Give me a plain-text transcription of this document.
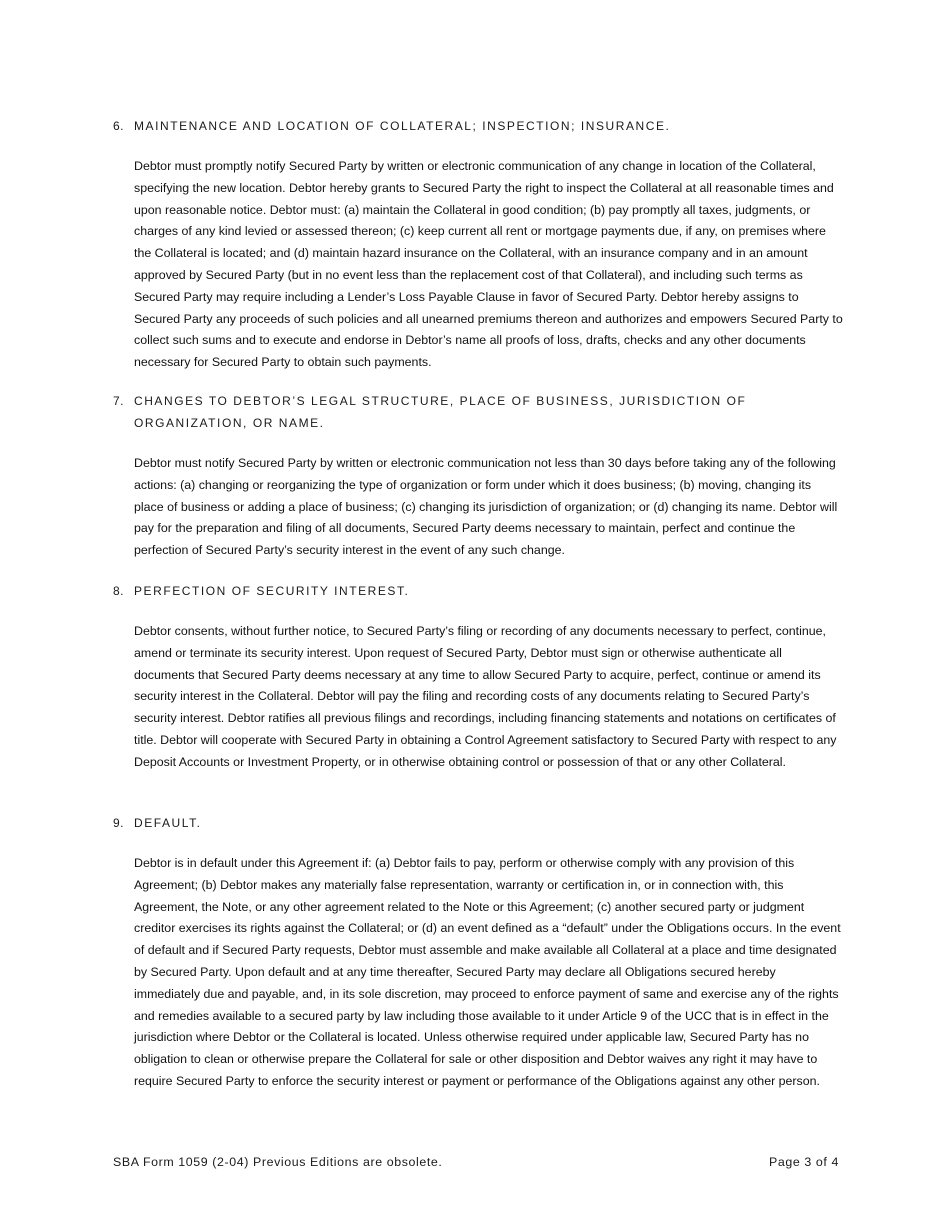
6. MAINTENANCE AND LOCATION OF COLLATERAL; INSPECTION; INSURANCE.
Debtor must promptly notify Secured Party by written or electronic communication of any change in location of the Collateral, specifying the new location. Debtor hereby grants to Secured Party the right to inspect the Collateral at all reasonable times and upon reasonable notice. Debtor must: (a) maintain the Collateral in good condition; (b) pay promptly all taxes, judgments, or charges of any kind levied or assessed thereon; (c) keep current all rent or mortgage payments due, if any, on premises where the Collateral is located; and (d) maintain hazard insurance on the Collateral, with an insurance company and in an amount approved by Secured Party (but in no event less than the replacement cost of that Collateral), and including such terms as Secured Party may require including a Lender’s Loss Payable Clause in favor of Secured Party. Debtor hereby assigns to Secured Party any proceeds of such policies and all unearned premiums thereon and authorizes and empowers Secured Party to collect such sums and to execute and endorse in Debtor’s name all proofs of loss, drafts, checks and any other documents necessary for Secured Party to obtain such payments.
7. CHANGES TO DEBTOR’S LEGAL STRUCTURE, PLACE OF BUSINESS, JURISDICTION OF ORGANIZATION, OR NAME.
Debtor must notify Secured Party by written or electronic communication not less than 30 days before taking any of the following actions: (a) changing or reorganizing the type of organization or form under which it does business; (b) moving, changing its place of business or adding a place of business; (c) changing its jurisdiction of organization; or (d) changing its name. Debtor will pay for the preparation and filing of all documents, Secured Party deems necessary to maintain, perfect and continue the perfection of Secured Party’s security interest in the event of any such change.
8. PERFECTION OF SECURITY INTEREST.
Debtor consents, without further notice, to Secured Party’s filing or recording of any documents necessary to perfect, continue, amend or terminate its security interest. Upon request of Secured Party, Debtor must sign or otherwise authenticate all documents that Secured Party deems necessary at any time to allow Secured Party to acquire, perfect, continue or amend its security interest in the Collateral. Debtor will pay the filing and recording costs of any documents relating to Secured Party’s security interest. Debtor ratifies all previous filings and recordings, including financing statements and notations on certificates of title. Debtor will cooperate with Secured Party in obtaining a Control Agreement satisfactory to Secured Party with respect to any Deposit Accounts or Investment Property, or in otherwise obtaining control or possession of that or any other Collateral.
9. DEFAULT.
Debtor is in default under this Agreement if: (a) Debtor fails to pay, perform or otherwise comply with any provision of this Agreement; (b) Debtor makes any materially false representation, warranty or certification in, or in connection with, this Agreement, the Note, or any other agreement related to the Note or this Agreement; (c) another secured party or judgment creditor exercises its rights against the Collateral; or (d) an event defined as a “default” under the Obligations occurs. In the event of default and if Secured Party requests, Debtor must assemble and make available all Collateral at a place and time designated by Secured Party. Upon default and at any time thereafter, Secured Party may declare all Obligations secured hereby immediately due and payable, and, in its sole discretion, may proceed to enforce payment of same and exercise any of the rights and remedies available to a secured party by law including those available to it under Article 9 of the UCC that is in effect in the jurisdiction where Debtor or the Collateral is located. Unless otherwise required under applicable law, Secured Party has no obligation to clean or otherwise prepare the Collateral for sale or other disposition and Debtor waives any right it may have to require Secured Party to enforce the security interest or payment or performance of the Obligations against any other person.
SBA Form 1059 (2-04) Previous Editions are obsolete.	Page 3 of 4
